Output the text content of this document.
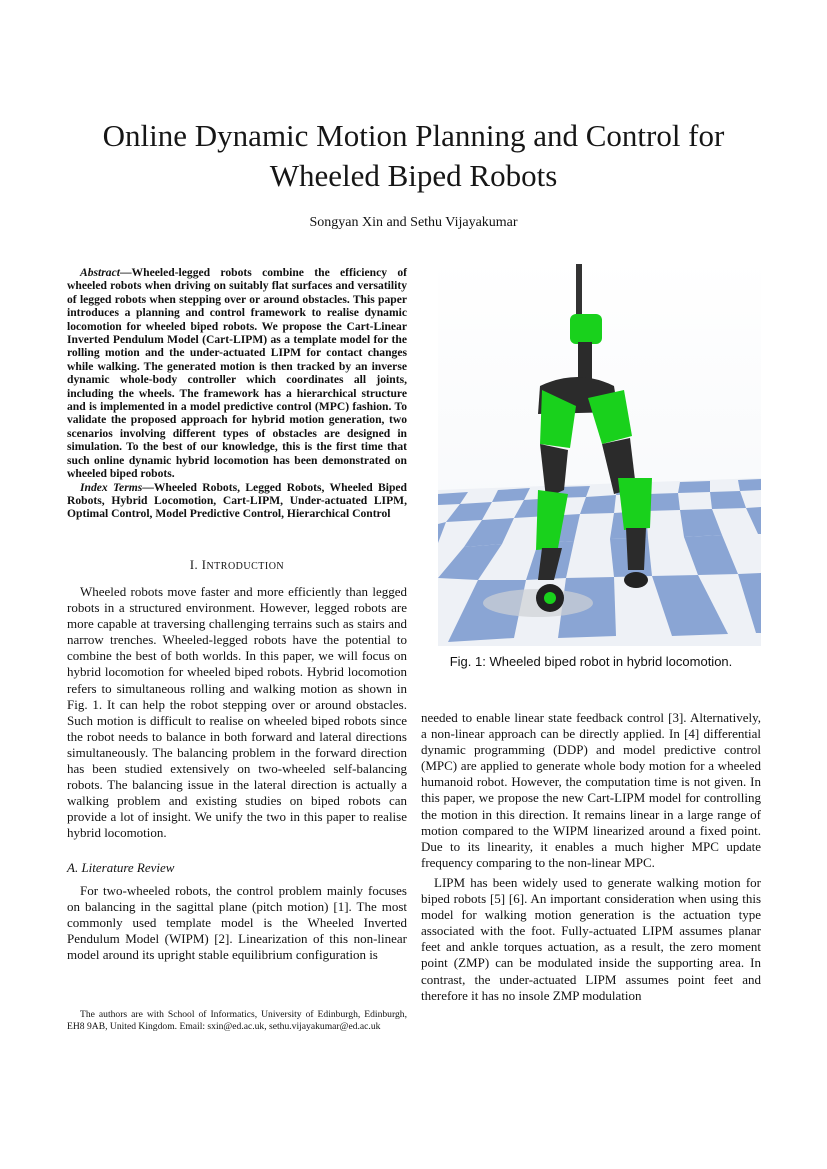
Online Dynamic Motion Planning and Control for
Wheeled Biped Robots
Songyan Xin and Sethu Vijayakumar

Abstract—Wheeled-legged robots combine the efficiency of wheeled robots when driving on suitably flat surfaces and versatility of legged robots when stepping over or around obstacles. This paper introduces a planning and control framework to realise dynamic locomotion for wheeled biped robots. We propose the Cart-Linear Inverted Pendulum Model (Cart-LIPM) as a template model for the rolling motion and the under-actuated LIPM for contact changes while walking. The generated motion is then tracked by an inverse dynamic whole-body controller which coordinates all joints, including the wheels. The framework has a hierarchical structure and is implemented in a model predictive control (MPC) fashion. To validate the proposed approach for hybrid motion generation, two scenarios involving different types of obstacles are designed in simulation. To the best of our knowledge, this is the first time that such online dynamic hybrid locomotion has been demonstrated on wheeled biped robots.

Index Terms—Wheeled Robots, Legged Robots, Wheeled Biped Robots, Hybrid Locomotion, Cart-LIPM, Under-actuated LIPM, Optimal Control, Model Predictive Control, Hierarchical Control

I. INTRODUCTION

Wheeled robots move faster and more efficiently than legged robots in a structured environment. However, legged robots are more capable at traversing challenging terrains such as stairs and narrow trenches. Wheeled-legged robots have the potential to combine the best of both worlds. In this paper, we will focus on hybrid locomotion for wheeled biped robots. Hybrid locomotion refers to simultaneous rolling and walking motion as shown in Fig. 1. It can help the robot stepping over or around obstacles. Such motion is difficult to realise on wheeled biped robots since the robot needs to balance in both forward and lateral directions simultaneously. The balancing problem in the forward direction has been studied extensively on two-wheeled self-balancing robots. The balancing issue in the lateral direction is actually a walking problem and existing studies on biped robots can provide a lot of insight. We unify the two in this paper to realise hybrid locomotion.

A. Literature Review

For two-wheeled robots, the control problem mainly focuses on balancing in the sagittal plane (pitch motion) [1]. The most commonly used template model is the Wheeled Inverted Pendulum Model (WIPM) [2]. Linearization of this non-linear model around its upright stable equilibrium configuration is

The authors are with School of Informatics, University of Edinburgh, Edinburgh, EH8 9AB, United Kingdom. Email: sxin@ed.ac.uk, sethu.vijayakumar@ed.ac.uk

Fig. 1: Wheeled biped robot in hybrid locomotion.

needed to enable linear state feedback control [3]. Alternatively, a non-linear approach can be directly applied. In [4] differential dynamic programming (DDP) and model predictive control (MPC) are applied to generate whole body motion for a wheeled humanoid robot. However, the computation time is not given. In this paper, we propose the new Cart-LIPM model for controlling the motion in this direction. It remains linear in a large range of motion compared to the WIPM linearized around a fixed point. Due to its linearity, it enables a much higher MPC update frequency comparing to the non-linear MPC.

LIPM has been widely used to generate walking motion for biped robots [5] [6]. An important consideration when using this model for walking motion generation is the actuation type associated with the foot. Fully-actuated LIPM assumes planar feet and ankle torques actuation, as a result, the zero moment point (ZMP) can be modulated inside the supporting area. In contrast, the under-actuated LIPM assumes point feet and therefore it has no insole ZMP modulation
